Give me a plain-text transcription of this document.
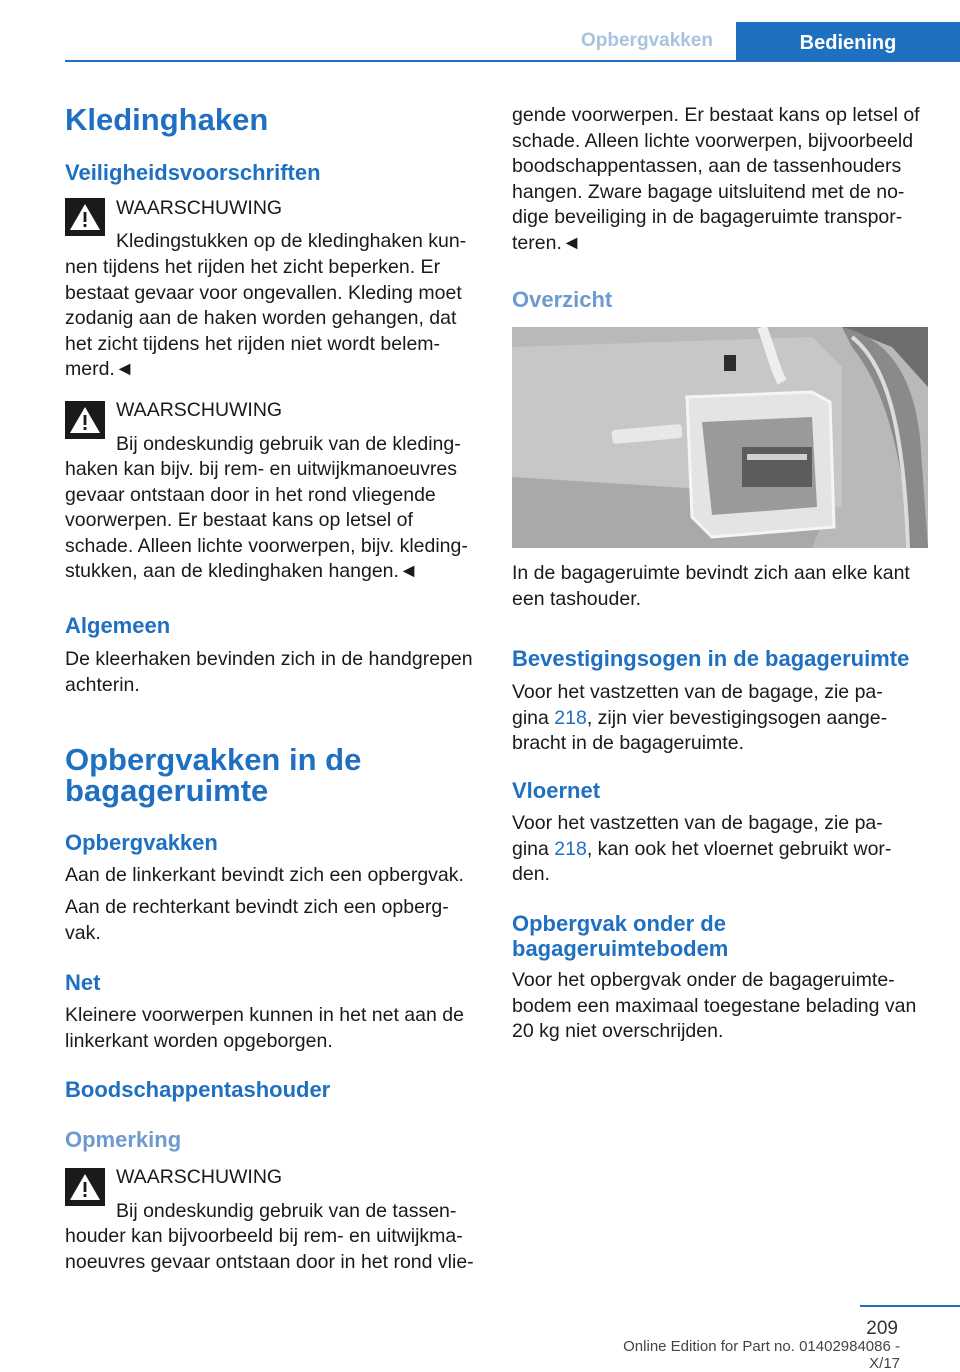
Opbergvakken	Bediening
Kledinghaken
Veiligheidsvoorschriften
WAARSCHUWING
Kledingstukken op de kledinghaken kun-
nen tijdens het rijden het zicht beperken. Er bestaat gevaar voor ongevallen. Kleding moet zodanig aan de haken worden gehangen, dat het zicht tijdens het rijden niet wordt belem-merd.◄
WAARSCHUWING
Bij ondeskundig gebruik van de kleding-
haken kan bijv. bij rem- en uitwijkmanoeuvres gevaar ontstaan door in het rond vliegende voorwerpen. Er bestaat kans op letsel of schade. Alleen lichte voorwerpen, bijv. kleding-stukken, aan de kledinghaken hangen.◄
Algemeen
De kleerhaken bevinden zich in de handgrepen achterin.
Opbergvakken in de
bagageruimte
Opbergvakken
Aan de linkerkant bevindt zich een opbergvak.
Aan de rechterkant bevindt zich een opberg-vak.
Net
Kleinere voorwerpen kunnen in het net aan de linkerkant worden opgeborgen.
Boodschappentashouder
Opmerking
WAARSCHUWING
Bij ondeskundig gebruik van de tassen-
houder kan bijvoorbeeld bij rem- en uitwijkma-noeuvres gevaar ontstaan door in het rond vlie-
gende voorwerpen. Er bestaat kans op letsel of schade. Alleen lichte voorwerpen, bijvoorbeeld boodschappentassen, aan de tassenhouders hangen. Zware bagage uitsluitend met de no-dige beveiliging in de bagageruimte transpor-teren.◄
Overzicht
In de bagageruimte bevindt zich aan elke kant een tashouder.
Bevestigingsogen in de bagageruimte
Voor het vastzetten van de bagage, zie pa-gina 218, zijn vier bevestigingsogen aange-bracht in de bagageruimte.
Vloernet
Voor het vastzetten van de bagage, zie pa-gina 218, kan ook het vloernet gebruikt wor-den.
Opbergvak onder de
bagageruimtebodem
Voor het opbergvak onder de bagageruimte-bodem een maximaal toegestane belading van 20 kg niet overschrijden.
209
Online Edition for Part no. 01402984086 - X/17
